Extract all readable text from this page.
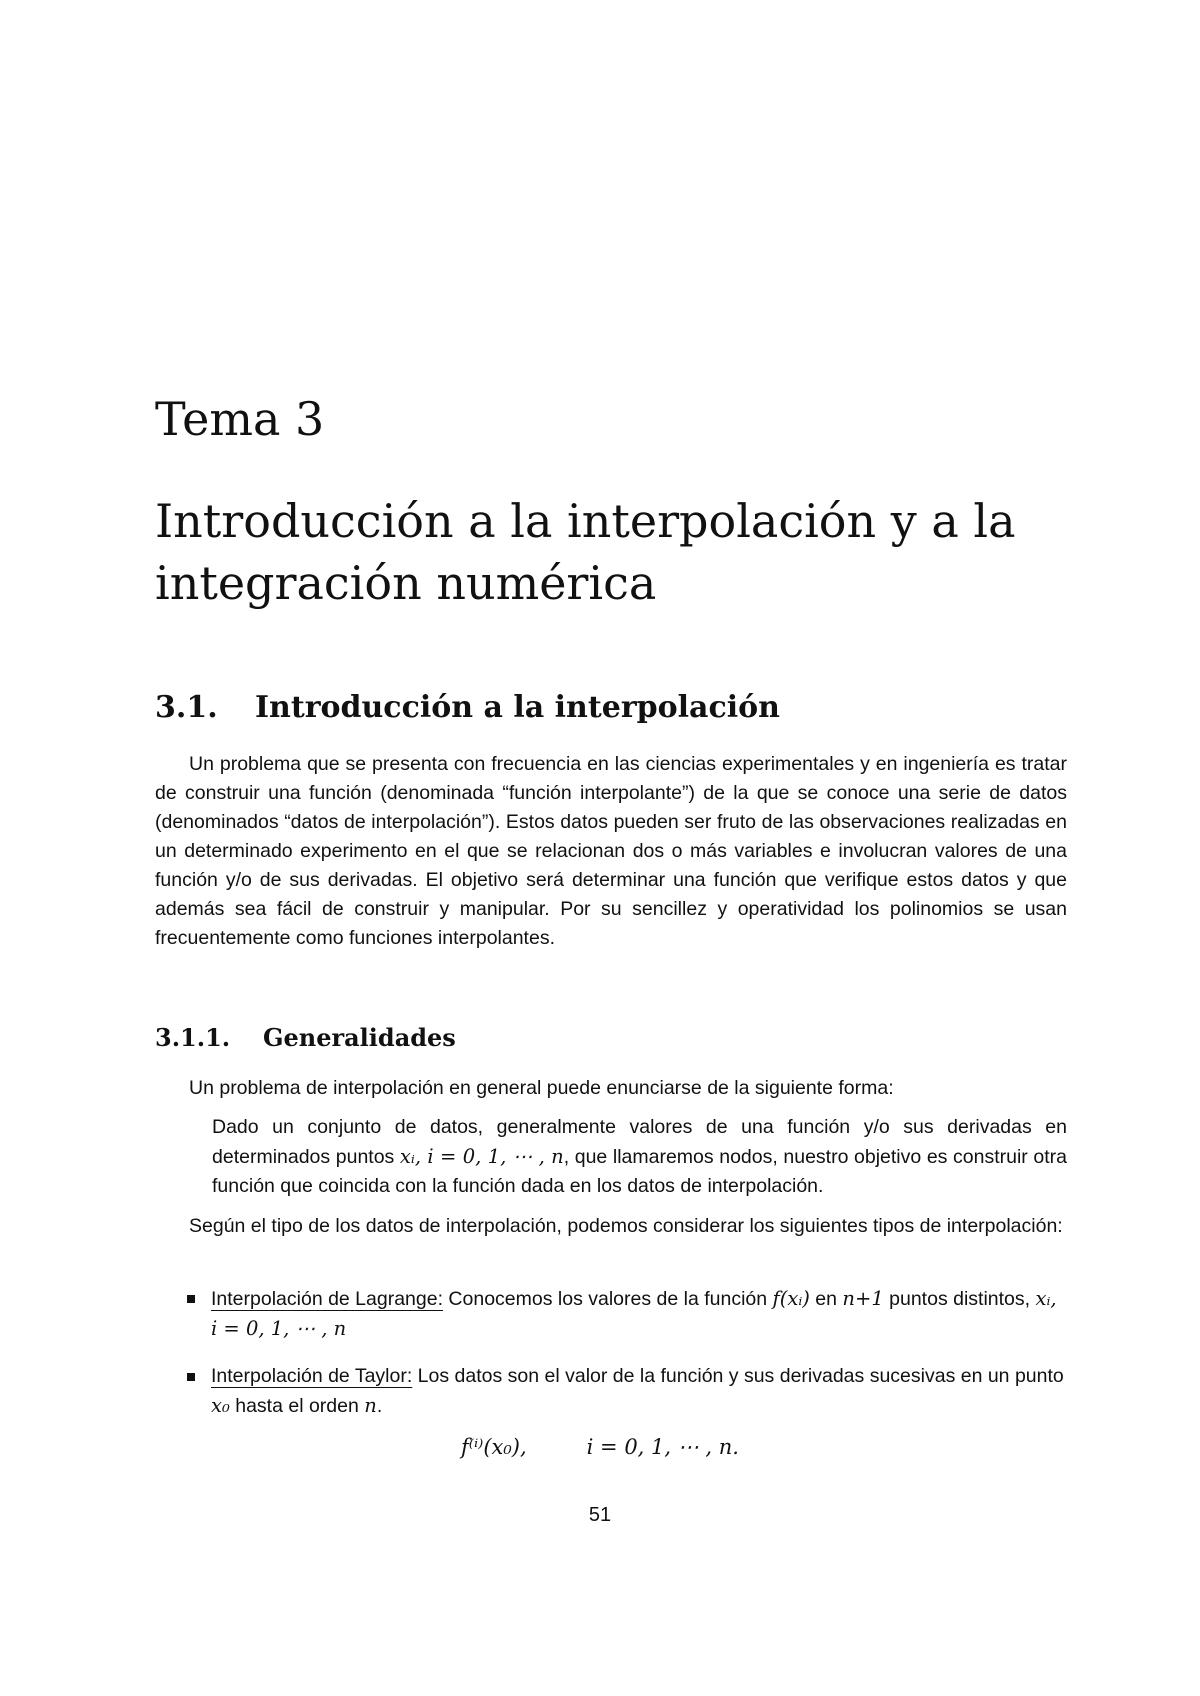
Tema 3
Introducción a la interpolación y a la integración numérica
3.1. Introducción a la interpolación

Un problema que se presenta con frecuencia en las ciencias experimentales y en ingeniería es tratar de construir una función (denominada “función interpolante”) de la que se conoce una serie de datos (denominados “datos de interpolación”). Estos datos pueden ser fruto de las observaciones realizadas en un determinado experimento en el que se relacionan dos o más variables e involucran valores de una función y/o de sus derivadas. El objetivo será determinar una función que verifique estos datos y que además sea fácil de construir y manipular. Por su sencillez y operatividad los polinomios se usan frecuentemente como funciones interpolantes.

3.1.1. Generalidades

Un problema de interpolación en general puede enunciarse de la siguiente forma:

Dado un conjunto de datos, generalmente valores de una función y/o sus derivadas en determinados puntos xᵢ, i = 0, 1, ⋯ , n, que llamaremos nodos, nuestro objetivo es construir otra función que coincida con la función dada en los datos de interpolación.

Según el tipo de los datos de interpolación, podemos considerar los siguientes tipos de interpolación:

Interpolación de Lagrange: Conocemos los valores de la función f(xᵢ) en n+1 puntos distintos, xᵢ, i = 0, 1, ⋯ , n
Interpolación de Taylor: Los datos son el valor de la función y sus derivadas sucesivas en un punto x₀ hasta el orden n.

f⁽ⁱ⁾(x₀),	i = 0, 1, ⋯ , n.

51
